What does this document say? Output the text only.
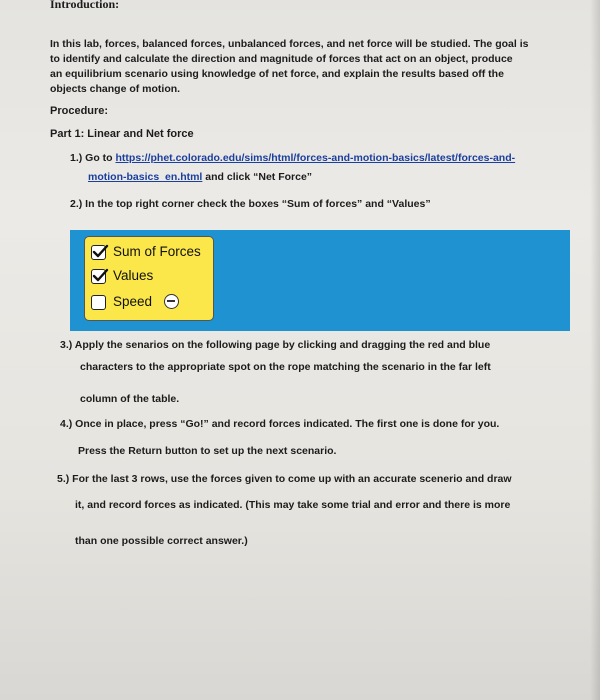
Introduction:
In this lab, forces, balanced forces, unbalanced forces, and net force will be studied. The goal is
to identify and calculate the direction and magnitude of forces that act on an object, produce
an equilibrium scenario using knowledge of net force, and explain the results based off the
objects change of motion.
Procedure:
Part 1: Linear and Net force
1.) Go to https://phet.colorado.edu/sims/html/forces-and-motion-basics/latest/forces-and-
motion-basics_en.html and click “Net Force”
2.) In the top right corner check the boxes “Sum of forces” and “Values”
Sum of Forces
Values
Speed
3.) Apply the senarios on the following page by clicking and dragging the red and blue
characters to the appropriate spot on the rope matching the scenario in the far left
column of the table.
4.) Once in place, press “Go!” and record forces indicated. The first one is done for you.
Press the Return button to set up the next scenario.
5.) For the last 3 rows, use the forces given to come up with an accurate scenerio and draw
it, and record forces as indicated. (This may take some trial and error and there is more
than one possible correct answer.)
